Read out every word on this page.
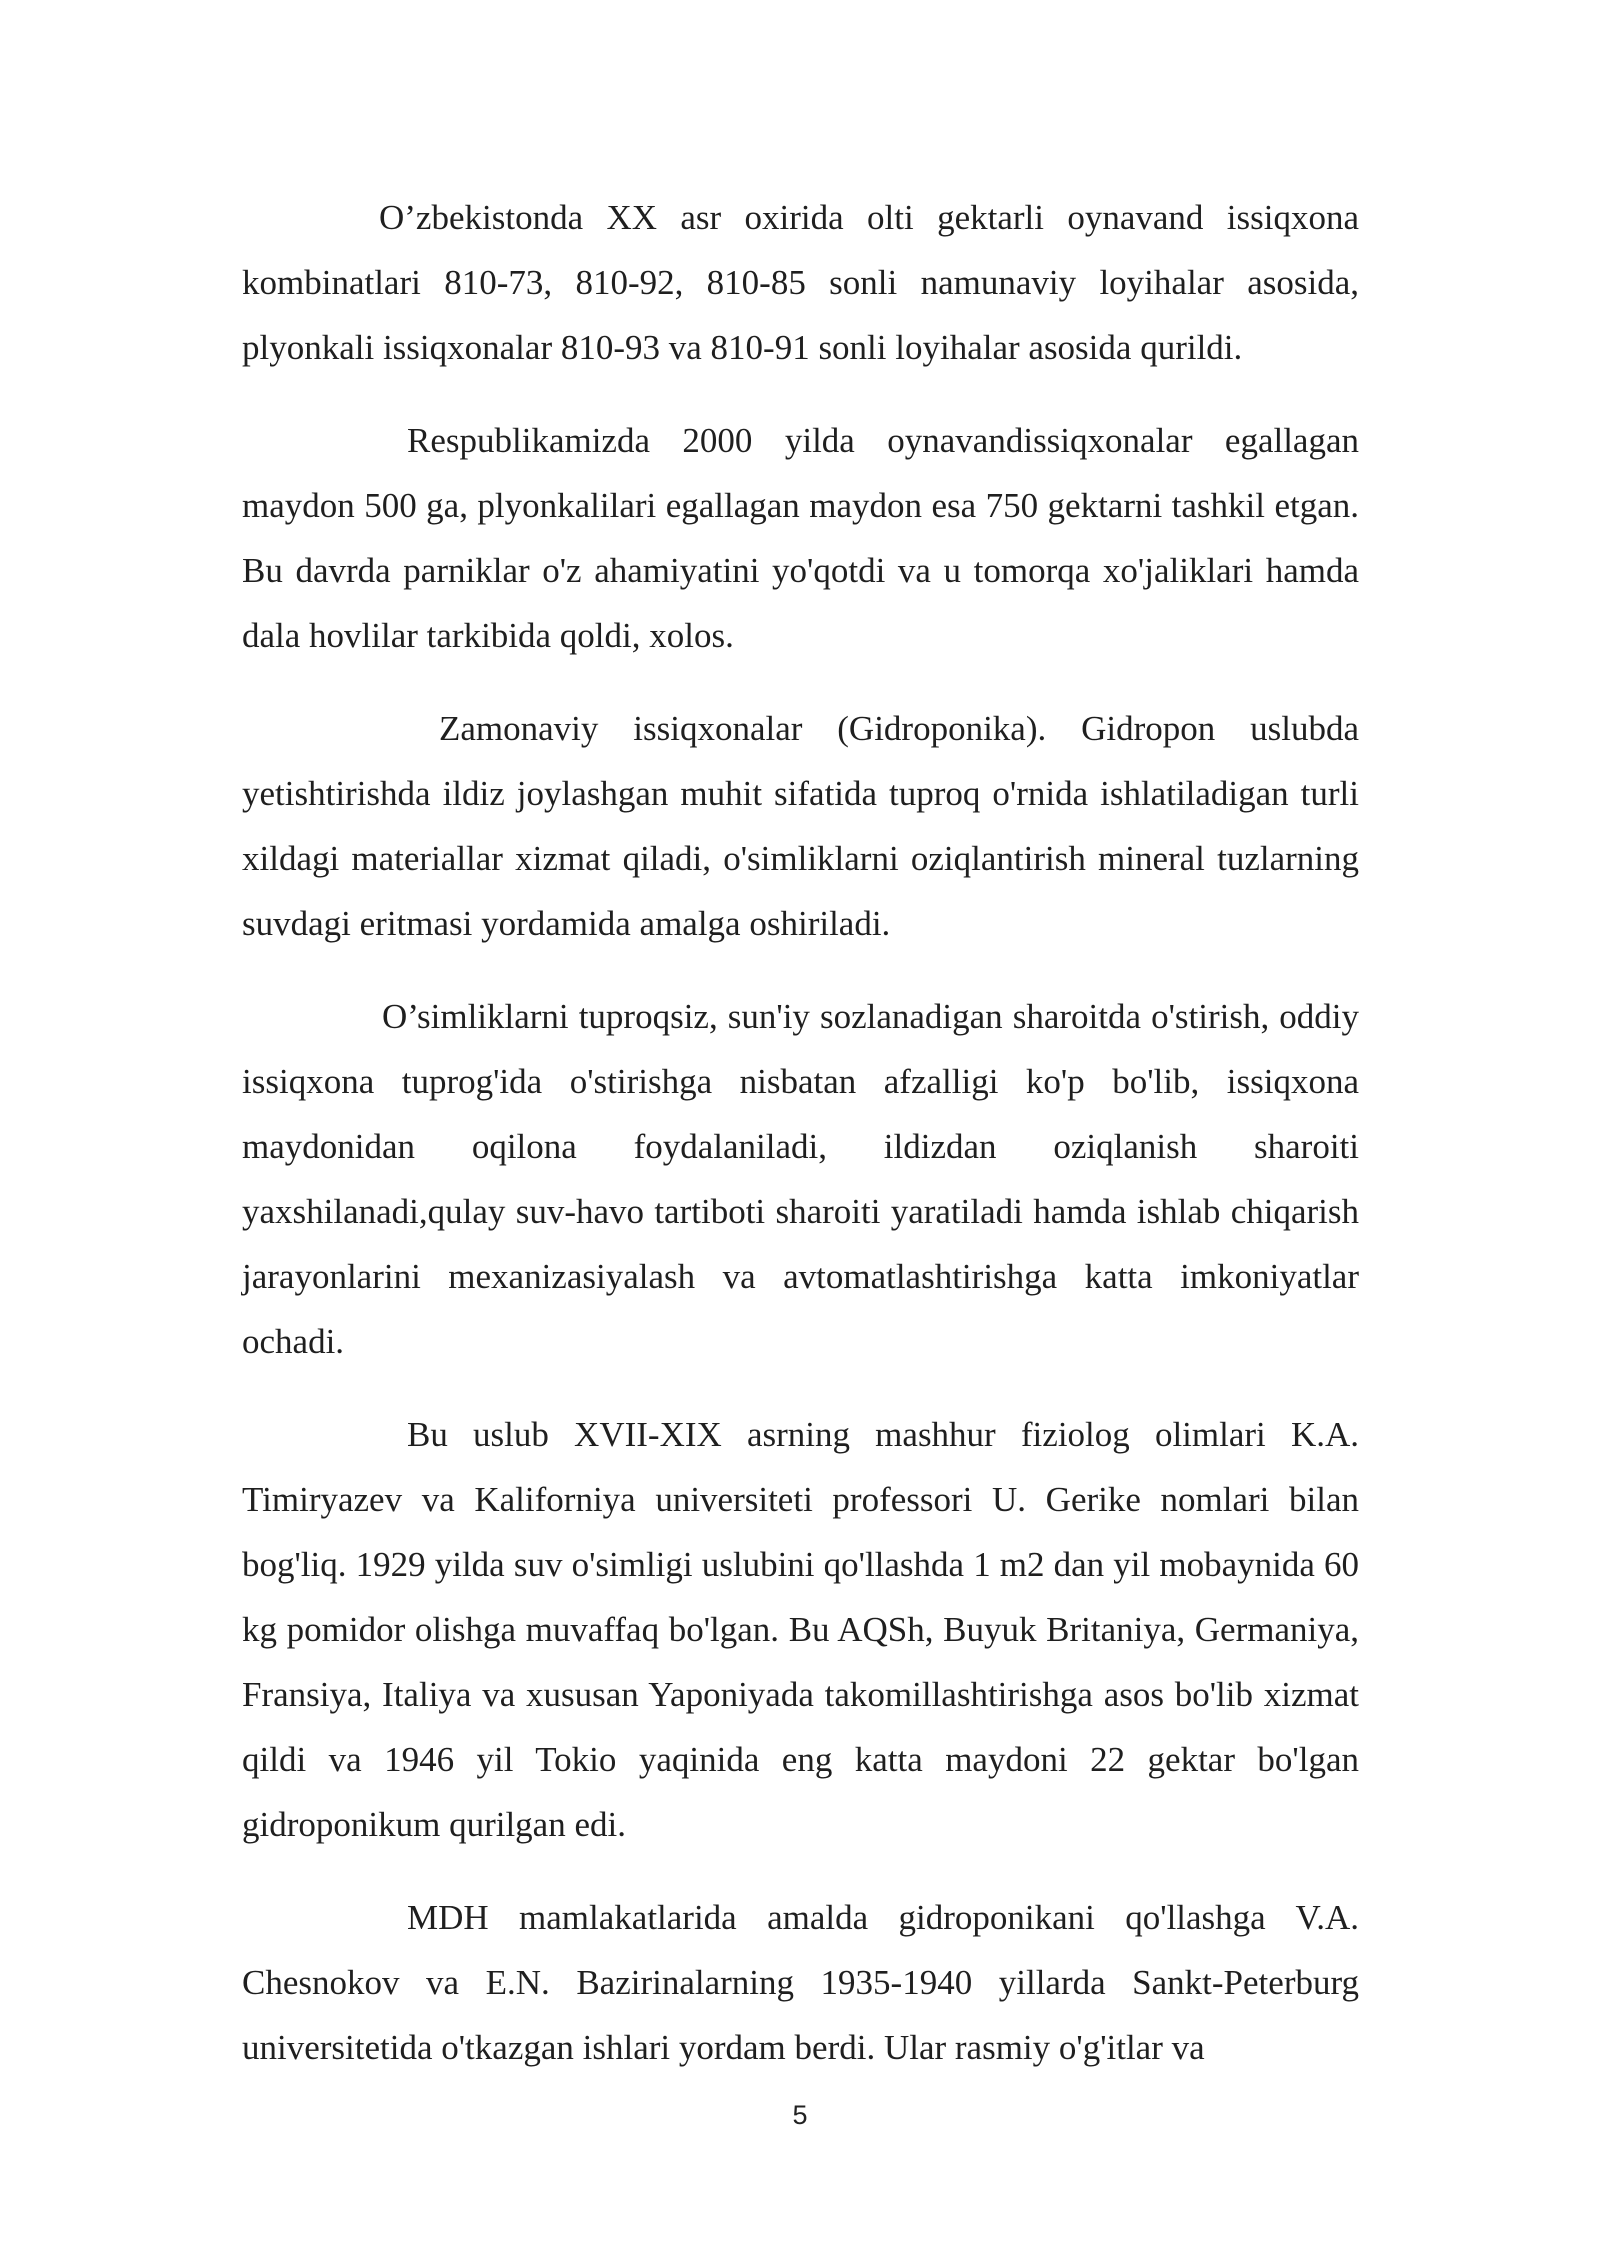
O’zbekistonda XX asr oxirida olti gektarli oynavand issiqxona kombinatlari 810-73, 810-92, 810-85 sonli namunaviy loyihalar asosida, plyonkali issiqxonalar 810-93 va 810-91 sonli loyihalar asosida qurildi.

Respublikamizda 2000 yilda oynavandissiqxonalar egallagan maydon 500 ga, plyonkalilari egallagan maydon esa 750 gektarni tashkil etgan. Bu davrda parniklar o'z ahamiyatini yo'qotdi va u tomorqa xo'jaliklari hamda dala hovlilar tarkibida qoldi, xolos.

Zamonaviy issiqxonalar (Gidroponika). Gidropon uslubda yetishtirishda ildiz joylashgan muhit sifatida tuproq o'rnida ishlatiladigan turli xildagi materiallar xizmat qiladi, o'simliklarni oziqlantirish mineral tuzlarning suvdagi eritmasi yordamida amalga oshiriladi.

O’simliklarni tuproqsiz, sun'iy sozlanadigan sharoitda o'stirish, oddiy issiqxona tuprog'ida o'stirishga nisbatan afzalligi ko'p bo'lib, issiqxona maydonidan oqilona foydalaniladi, ildizdan oziqlanish sharoiti yaxshilanadi,qulay suv-havo tartiboti sharoiti yaratiladi hamda ishlab chiqarish jarayonlarini mexanizasiyalash va avtomatlashtirishga katta imkoniyatlar ochadi.

Bu uslub XVII-XIX asrning mashhur fiziolog olimlari K.A. Timiryazev va Kaliforniya universiteti professori U. Gerike nomlari bilan bog'liq. 1929 yilda suv o'simligi uslubini qo'llashda 1 m2 dan yil mobaynida 60 kg pomidor olishga muvaffaq bo'lgan. Bu AQSh, Buyuk Britaniya, Germaniya, Fransiya, Italiya va xususan Yaponiyada takomillashtirishga asos bo'lib xizmat qildi va 1946 yil Tokio yaqinida eng katta maydoni 22 gektar bo'lgan gidroponikum qurilgan edi.

MDH mamlakatlarida amalda gidroponikani qo'llashga V.A. Chesnokov va E.N. Bazirinalarning 1935-1940 yillarda Sankt-Peterburg universitetida o'tkazgan ishlari yordam berdi. Ular rasmiy o'g'itlar va

5
